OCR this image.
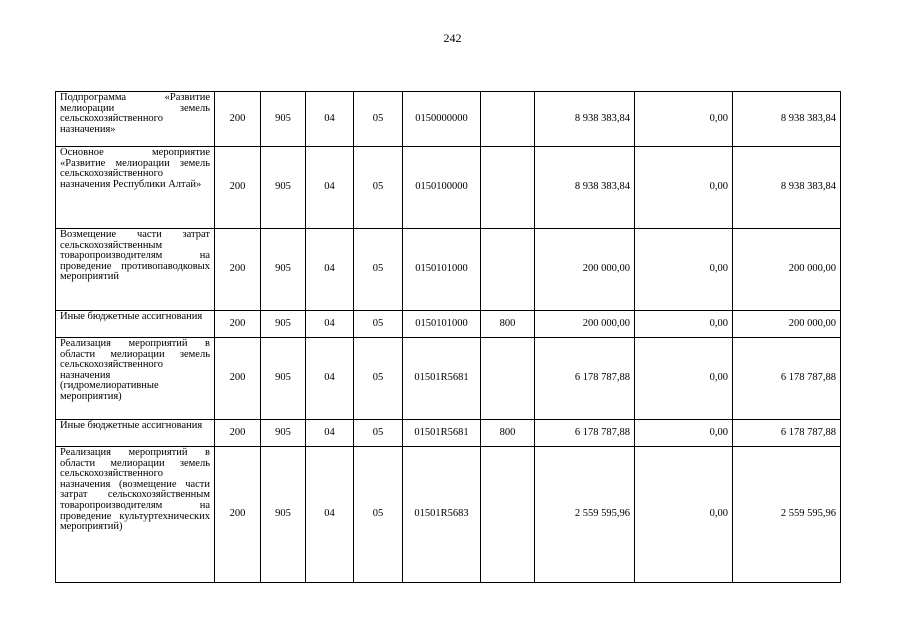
242
Подпрограмма «Развитие мелиорации земель сельскохозяйственного назначения»	200	905	04	05	0150000000		8 938 383,84	0,00	8 938 383,84
Основное мероприятие «Развитие мелиорации земель сельскохозяйственного назначения Республики Алтай»	200	905	04	05	0150100000		8 938 383,84	0,00	8 938 383,84
Возмещение части затрат сельскохозяйственным товаропроизводителям на проведение противопаводковых мероприятий	200	905	04	05	0150101000		200 000,00	0,00	200 000,00
Иные бюджетные ассигнования	200	905	04	05	0150101000	800	200 000,00	0,00	200 000,00
Реализация мероприятий в области мелиорации земель сельскохозяйственного назначения (гидромелиоративные мероприятия)	200	905	04	05	01501R5681		6 178 787,88	0,00	6 178 787,88
Иные бюджетные ассигнования	200	905	04	05	01501R5681	800	6 178 787,88	0,00	6 178 787,88
Реализация мероприятий в области мелиорации земель сельскохозяйственного назначения (возмещение части затрат сельскохозяйственным товаропроизводителям на проведение культуртехнических мероприятий)	200	905	04	05	01501R5683		2 559 595,96	0,00	2 559 595,96
